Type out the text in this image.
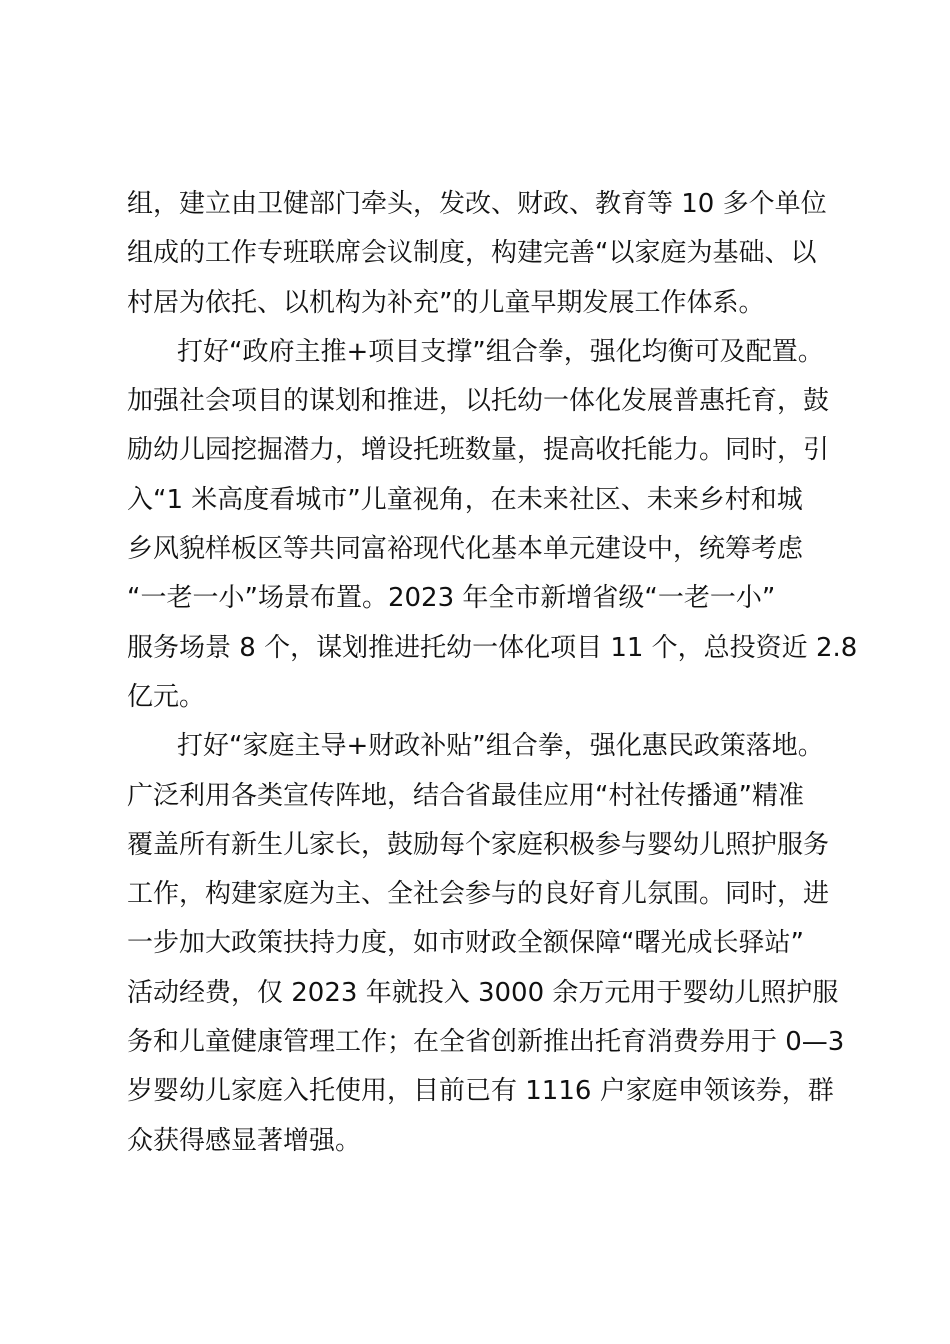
组，建立由卫健部门牵头，发改、财政、教育等 10 多个单位
组成的工作专班联席会议制度，构建完善“以家庭为基础、以
村居为依托、以机构为补充”的儿童早期发展工作体系。
打好“政府主推+项目支撑”组合拳，强化均衡可及配置。
加强社会项目的谋划和推进，以托幼一体化发展普惠托育，鼓
励幼儿园挖掘潜力，增设托班数量，提高收托能力。同时，引
入“1 米高度看城市”儿童视角，在未来社区、未来乡村和城
乡风貌样板区等共同富裕现代化基本单元建设中，统筹考虑
“一老一小”场景布置。2023 年全市新增省级“一老一小”
服务场景 8 个，谋划推进托幼一体化项目 11 个，总投资近 2.8
亿元。
打好“家庭主导+财政补贴”组合拳，强化惠民政策落地。
广泛利用各类宣传阵地，结合省最佳应用“村社传播通”精准
覆盖所有新生儿家长，鼓励每个家庭积极参与婴幼儿照护服务
工作，构建家庭为主、全社会参与的良好育儿氛围。同时，进
一步加大政策扶持力度，如市财政全额保障“曙光成长驿站”
活动经费，仅 2023 年就投入 3000 余万元用于婴幼儿照护服
务和儿童健康管理工作；在全省创新推出托育消费券用于 0—3
岁婴幼儿家庭入托使用，目前已有 1116 户家庭申领该券，群
众获得感显著增强。
